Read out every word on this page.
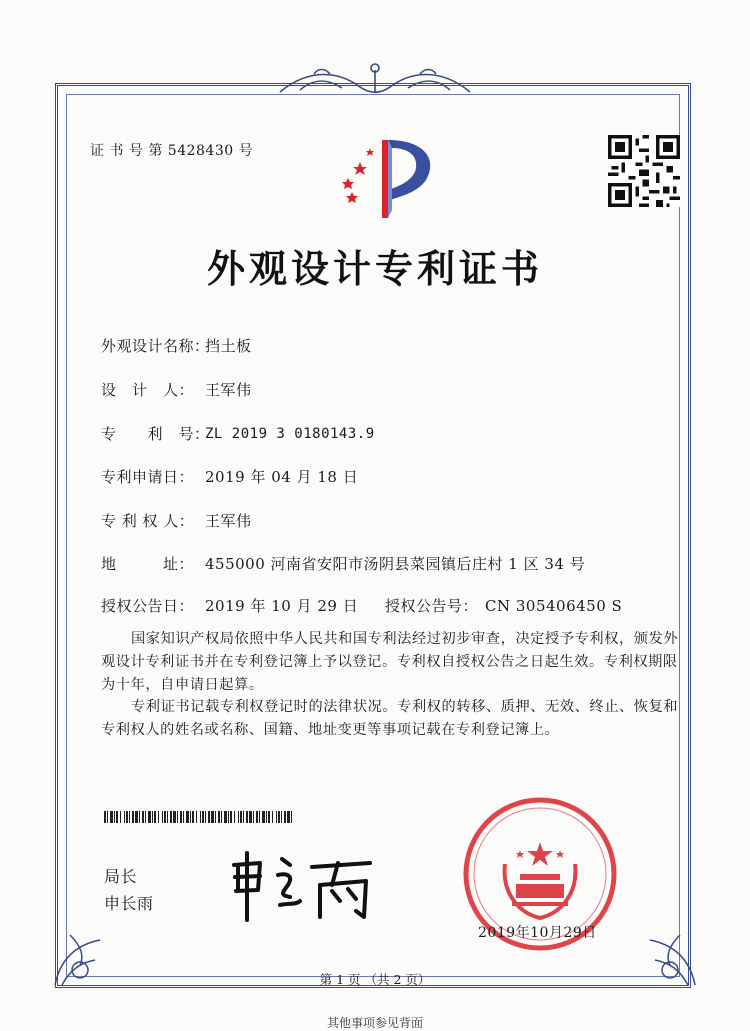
证 书 号 第 5428430 号
外观设计专利证书
外观设计名称：
挡土板
设　计　人： 王军伟
专　　利　号：
ZL 2019 3 0180143.9
专利申请日： 2019 年 04 月 18 日
专 利 权 人： 王军伟
地　　　址： 455000 河南省安阳市汤阴县菜园镇后庄村 1 区 34 号
授权公告日： 2019 年 10 月 29 日 授权公告号： CN 305406450 S
国家知识产权局依照中华人民共和国专利法经过初步审查，决定授予专利权，颁发外观设计专利证书并在专利登记簿上予以登记。专利权自授权公告之日起生效。专利权期限为十年，自申请日起算。
专利证书记载专利权登记时的法律状况。专利权的转移、质押、无效、终止、恢复和专利权人的姓名或名称、国籍、地址变更等事项记载在专利登记簿上。
局长
申长雨
2019年10月29日
第 1 页 （共 2 页）
其他事项参见背面
